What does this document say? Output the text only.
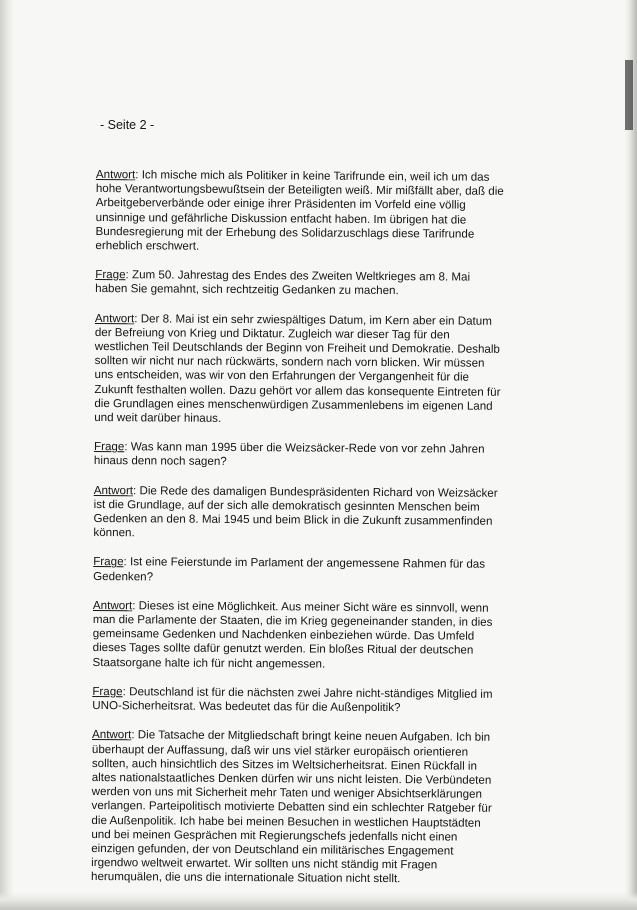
- Seite 2 -

Antwort: Ich mische mich als Politiker in keine Tarifrunde ein, weil ich um das hohe Verantwortungsbewußtsein der Beteiligten weiß. Mir mißfällt aber, daß die Arbeitgeberverbände oder einige ihrer Präsidenten im Vorfeld eine völlig unsinnige und gefährliche Diskussion entfacht haben. Im übrigen hat die Bundesregierung mit der Erhebung des Solidarzuschlags diese Tarifrunde erheblich erschwert.

Frage: Zum 50. Jahrestag des Endes des Zweiten Weltkrieges am 8. Mai haben Sie gemahnt, sich rechtzeitig Gedanken zu machen.

Antwort: Der 8. Mai ist ein sehr zwiespältiges Datum, im Kern aber ein Datum der Befreiung von Krieg und Diktatur. Zugleich war dieser Tag für den westlichen Teil Deutschlands der Beginn von Freiheit und Demokratie. Deshalb sollten wir nicht nur nach rückwärts, sondern nach vorn blicken. Wir müssen uns entscheiden, was wir von den Erfahrungen der Vergangenheit für die Zukunft festhalten wollen. Dazu gehört vor allem das konsequente Eintreten für die Grundlagen eines menschenwürdigen Zusammenlebens im eigenen Land und weit darüber hinaus.

Frage: Was kann man 1995 über die Weizsäcker-Rede von vor zehn Jahren hinaus denn noch sagen?

Antwort: Die Rede des damaligen Bundespräsidenten Richard von Weizsäcker ist die Grundlage, auf der sich alle demokratisch gesinnten Menschen beim Gedenken an den 8. Mai 1945 und beim Blick in die Zukunft zusammenfinden können.

Frage: Ist eine Feierstunde im Parlament der angemessene Rahmen für das Gedenken?

Antwort: Dieses ist eine Möglichkeit. Aus meiner Sicht wäre es sinnvoll, wenn man die Parlamente der Staaten, die im Krieg gegeneinander standen, in dies gemeinsame Gedenken und Nachdenken einbeziehen würde. Das Umfeld dieses Tages sollte dafür genutzt werden. Ein bloßes Ritual der deutschen Staatsorgane halte ich für nicht angemessen.

Frage: Deutschland ist für die nächsten zwei Jahre nicht-ständiges Mitglied im UNO-Sicherheitsrat. Was bedeutet das für die Außenpolitik?

Antwort: Die Tatsache der Mitgliedschaft bringt keine neuen Aufgaben. Ich bin überhaupt der Auffassung, daß wir uns viel stärker europäisch orientieren sollten, auch hinsichtlich des Sitzes im Weltsicherheitsrat. Einen Rückfall in altes nationalstaatliches Denken dürfen wir uns nicht leisten. Die Verbündeten werden von uns mit Sicherheit mehr Taten und weniger Absichtserklärungen verlangen. Parteipolitisch motivierte Debatten sind ein schlechter Ratgeber für die Außenpolitik. Ich habe bei meinen Besuchen in westlichen Hauptstädten und bei meinen Gesprächen mit Regierungschefs jedenfalls nicht einen einzigen gefunden, der von Deutschland ein militärisches Engagement irgendwo weltweit erwartet. Wir sollten uns nicht ständig mit Fragen herumquälen, die uns die internationale Situation nicht stellt.
